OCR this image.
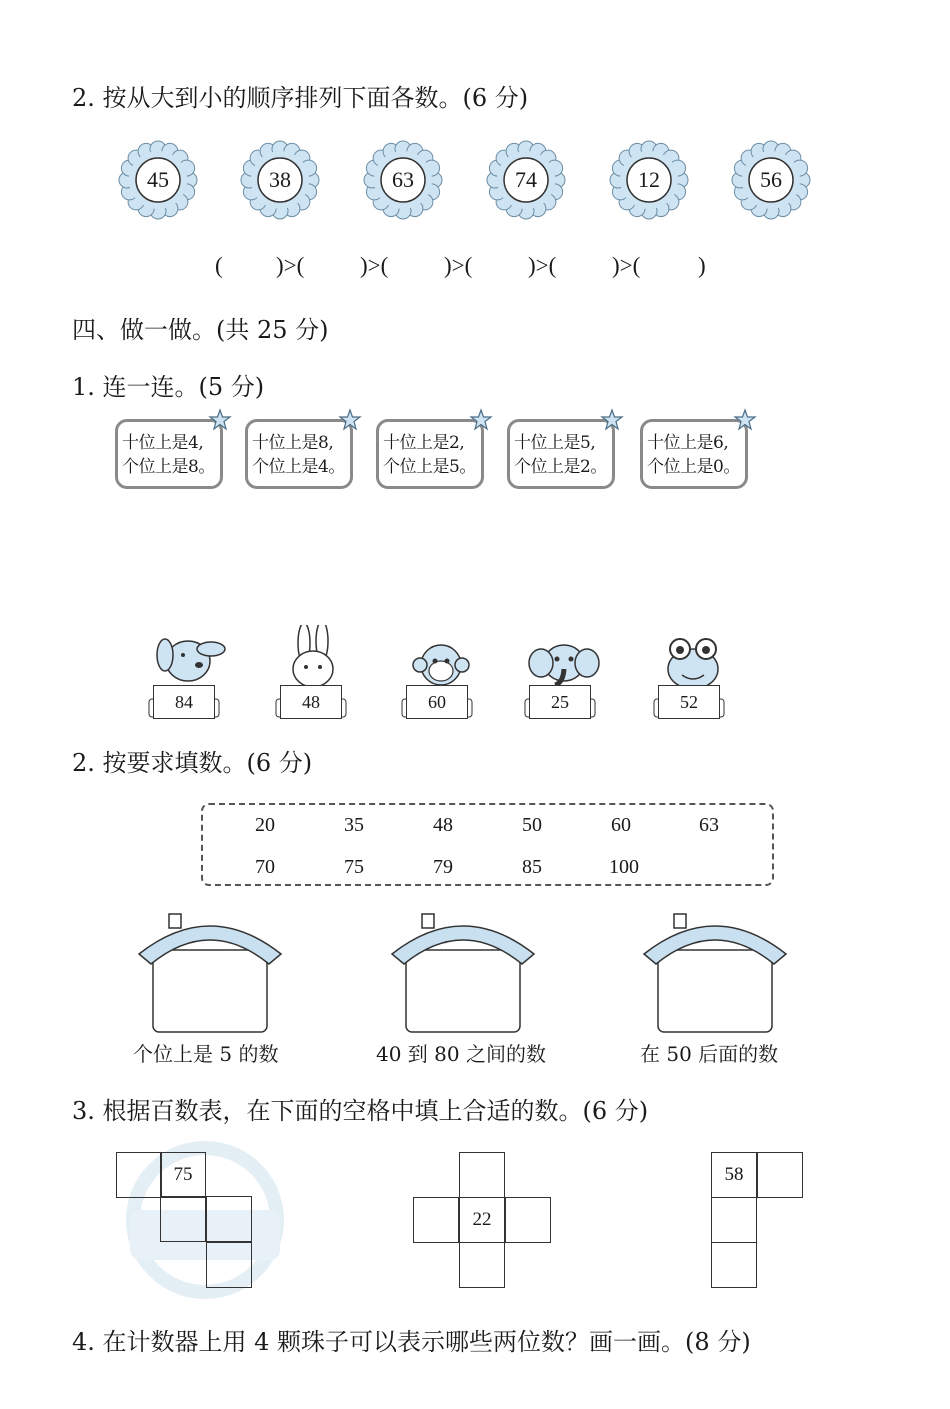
2. 按从大到小的顺序排列下面各数。(6 分)
45	38	63	74	12	56
( )>( )>( )>( )>( )>(	)
四、做一做。(共 25 分)
1. 连一连。(5 分)
十位上是4,
个位上是8。
十位上是8,
个位上是4。
十位上是2,
个位上是5。
十位上是5,
个位上是2。
十位上是6,
个位上是0。
84	48	60	25	52
2. 按要求填数。(6 分)
20	35	48	50	60	63
70	75	79	85	100
个位上是 5 的数	40 到 80 之间的数	在 50 后面的数
3. 根据百数表，在下面的空格中填上合适的数。(6 分)
75
22
58
4. 在计数器上用 4 颗珠子可以表示哪些两位数？画一画。(8 分)
